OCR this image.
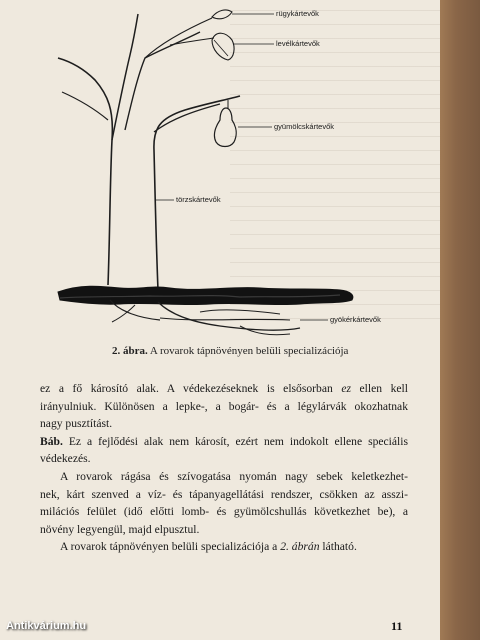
rügykártevők
levélkártevők
gyümölcskártevők
törzskártevők
gyökérkártevők
2. ábra. A rovarok tápnövényen belüli specializációja

ez a fő károsító alak. A védekezéseknek is elsősorban ez ellen kell
irányulniuk. Különösen a lepke-, a bogár- és a légylárvák okozhatnak
nagy pusztítást.

Báb. Ez a fejlődési alak nem károsít, ezért nem indokolt ellene speciális
védekezés.

A rovarok rágása és szívogatása nyomán nagy sebek keletkezhet-
nek, kárt szenved a víz- és tápanyagellátási rendszer, csökken az asszi-
milációs felület (idő előtti lomb- és gyümölcshullás következhet be), a
növény legyengül, majd elpusztul.

A rovarok tápnövényen belüli specializációja a 2. ábrán látható.

11
Antikvárium.hu
